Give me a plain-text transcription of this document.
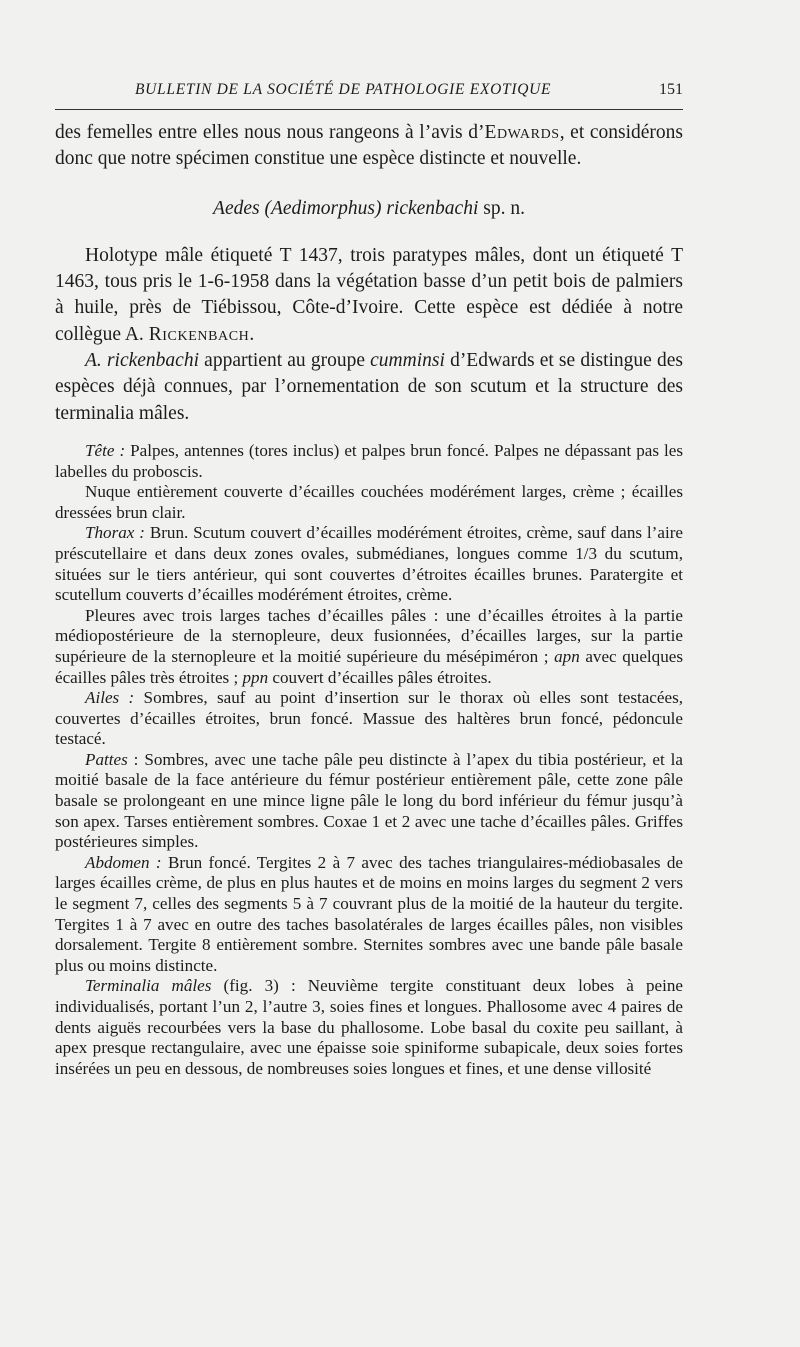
BULLETIN DE LA SOCIÉTÉ DE PATHOLOGIE EXOTIQUE	151

des femelles entre elles nous nous rangeons à l’avis d’Edwards, et considérons donc que notre spécimen constitue une espèce distincte et nouvelle.

Aedes (Aedimorphus) rickenbachi sp. n.

Holotype mâle étiqueté T 1437, trois paratypes mâles, dont un étiqueté T 1463, tous pris le 1-6-1958 dans la végétation basse d’un petit bois de palmiers à huile, près de Tiébissou, Côte-d’Ivoire. Cette espèce est dédiée à notre collègue A. Rickenbach.

A. rickenbachi appartient au groupe cumminsi d’Edwards et se distingue des espèces déjà connues, par l’ornementation de son scutum et la structure des terminalia mâles.

Tête : Palpes, antennes (tores inclus) et palpes brun foncé. Palpes ne dépassant pas les labelles du proboscis.

Nuque entièrement couverte d’écailles couchées modérément larges, crème ; écailles dressées brun clair.

Thorax : Brun. Scutum couvert d’écailles modérément étroites, crème, sauf dans l’aire préscutellaire et dans deux zones ovales, submédianes, longues comme 1/3 du scutum, situées sur le tiers antérieur, qui sont couvertes d’étroites écailles brunes. Paratergite et scutellum couverts d’écailles modérément étroites, crème.

Pleures avec trois larges taches d’écailles pâles : une d’écailles étroites à la partie médiopostérieure de la sternopleure, deux fusionnées, d’écailles larges, sur la partie supérieure de la sternopleure et la moitié supérieure du mésépiméron ; apn avec quelques écailles pâles très étroites ; ppn couvert d’écailles pâles étroites.

Ailes : Sombres, sauf au point d’insertion sur le thorax où elles sont testacées, couvertes d’écailles étroites, brun foncé. Massue des haltères brun foncé, pédoncule testacé.

Pattes : Sombres, avec une tache pâle peu distincte à l’apex du tibia postérieur, et la moitié basale de la face antérieure du fémur postérieur entièrement pâle, cette zone pâle basale se prolongeant en une mince ligne pâle le long du bord inférieur du fémur jusqu’à son apex. Tarses entièrement sombres. Coxae 1 et 2 avec une tache d’écailles pâles. Griffes postérieures simples.

Abdomen : Brun foncé. Tergites 2 à 7 avec des taches triangulaires-médiobasales de larges écailles crème, de plus en plus hautes et de moins en moins larges du segment 2 vers le segment 7, celles des segments 5 à 7 couvrant plus de la moitié de la hauteur du tergite. Tergites 1 à 7 avec en outre des taches basolatérales de larges écailles pâles, non visibles dorsalement. Tergite 8 entièrement sombre. Sternites sombres avec une bande pâle basale plus ou moins distincte.

Terminalia mâles (fig. 3) : Neuvième tergite constituant deux lobes à peine individualisés, portant l’un 2, l’autre 3, soies fines et longues. Phallosome avec 4 paires de dents aiguës recourbées vers la base du phallosome. Lobe basal du coxite peu saillant, à apex presque rectangulaire, avec une épaisse soie spiniforme subapicale, deux soies fortes insérées un peu en dessous, de nombreuses soies longues et fines, et une dense villosité
